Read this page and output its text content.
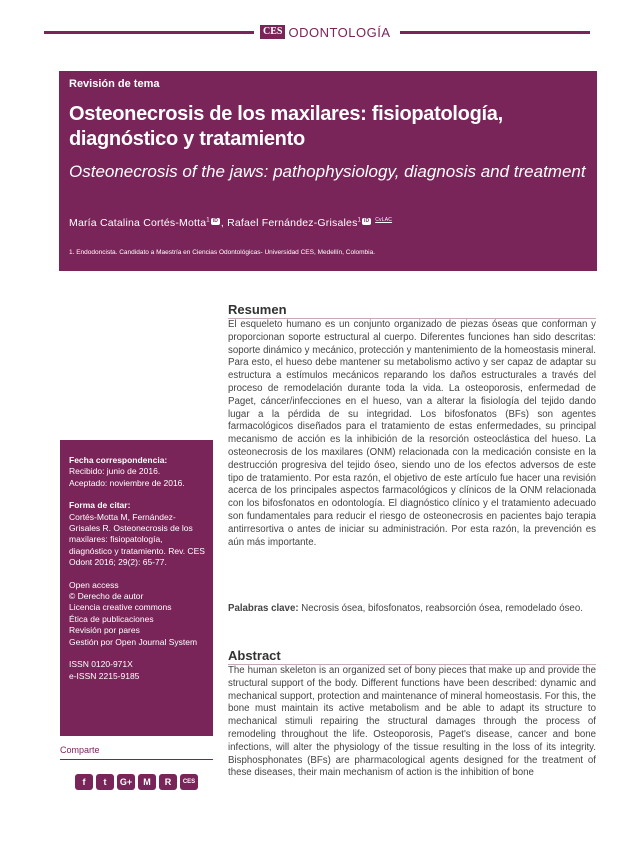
CES ODONTOLOGÍA
Revisión de tema
Osteonecrosis de los maxilares: fisiopatología, diagnóstico y tratamiento
Osteonecrosis of the jaws: pathophysiology, diagnosis and treatment
María Catalina Cortés-Motta$^1$ iD , Rafael Fernández-Grisales$^1$ iD $^{CvLAC}$
1. Endodoncista. Candidato a Maestría en Ciencias Odontológicas- Universidad CES, Medellín, Colombia.
Fecha correspondencia:
Recibido: junio de 2016.
Aceptado: noviembre de 2016.
Forma de citar:
Cortés-Motta M, Fernández-Grisales R. Osteonecrosis de los maxilares: fisiopatología, diagnóstico y tratamiento. Rev. CES Odont 2016; 29(2): 65-77.
Open access
© Derecho de autor
Licencia creative commons
Ética de publicaciones
Revisión por pares
Gestión por Open Journal System
ISSN 0120-971X
e-ISSN 2215-9185
Comparte
f	t	G+	M	R	CES
Resumen

El esqueleto humano es un conjunto organizado de piezas óseas que conforman y proporcionan soporte estructural al cuerpo. Diferentes funciones han sido descritas: soporte dinámico y mecánico, protección y mantenimiento de la homeostasis mineral. Para esto, el hueso debe mantener su metabolismo activo y ser capaz de adaptar su estructura a estímulos mecánicos reparando los daños estructurales a través del proceso de remodelación durante toda la vida. La osteoporosis, enfermedad de Paget, cáncer/infecciones en el hueso, van a alterar la fisiología del tejido dando lugar a la pérdida de su integridad. Los bifosfonatos (BFs) son agentes farmacológicos diseñados para el tratamiento de estas enfermedades, su principal mecanismo de acción es la inhibición de la resorción osteoclástica del hueso. La osteonecrosis de los maxilares (ONM) relacionada con la medicación consiste en la destrucción progresiva del tejido óseo, siendo uno de los efectos adversos de este tipo de tratamiento. Por esta razón, el objetivo de este artículo fue hacer una revisión acerca de los principales aspectos farmacológicos y clínicos de la ONM relacionada con los bifosfonatos en odontología. El diagnóstico clínico y el tratamiento adecuado son fundamentales para reducir el riesgo de osteonecrosis en pacientes bajo terapia antirresortiva o antes de iniciar su administración. Por esta razón, la prevención es aún más importante.

Palabras clave: Necrosis ósea, bifosfonatos, reabsorción ósea, remodelado óseo.
Abstract

The human skeleton is an organized set of bony pieces that make up and provide the structural support of the body. Different functions have been described: dynamic and mechanical support, protection and maintenance of mineral homeostasis. For this, the bone must maintain its active metabolism and be able to adapt its structure to mechanical stimuli repairing the structural damages through the process of remodeling throughout the life. Osteoporosis, Paget's disease, cancer and bone infections, will alter the physiology of the tissue resulting in the loss of its integrity. Bisphosphonates (BFs) are pharmacological agents designed for the treatment of these diseases, their main mechanism of action is the inhibition of bone
